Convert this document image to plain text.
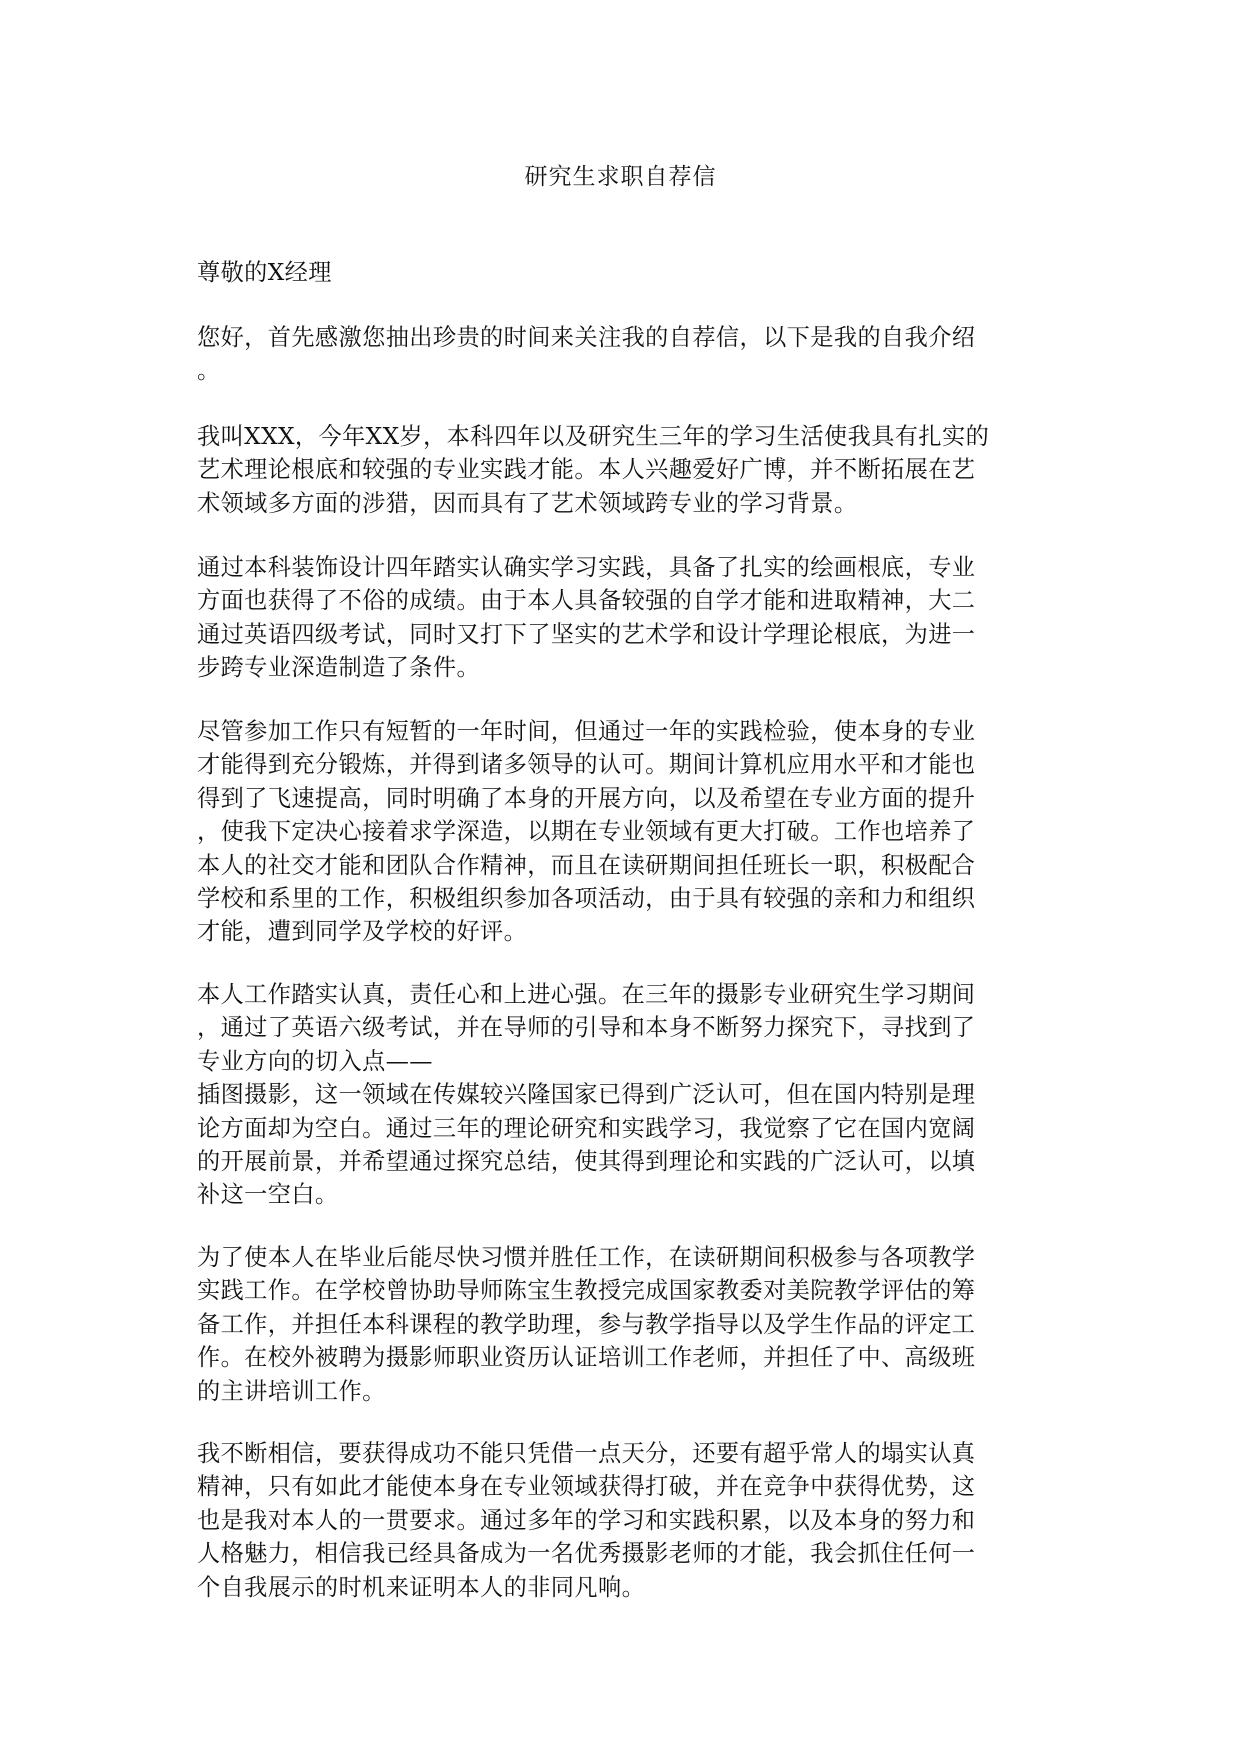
研究生求职自荐信

尊敬的X经理

您好，首先感激您抽出珍贵的时间来关注我的自荐信，以下是我的自我介绍
。

我叫XXX，今年XX岁，本科四年以及研究生三年的学习生活使我具有扎实的
艺术理论根底和较强的专业实践才能。本人兴趣爱好广博，并不断拓展在艺
术领域多方面的涉猎，因而具有了艺术领域跨专业的学习背景。

通过本科装饰设计四年踏实认确实学习实践，具备了扎实的绘画根底，专业
方面也获得了不俗的成绩。由于本人具备较强的自学才能和进取精神，大二
通过英语四级考试，同时又打下了坚实的艺术学和设计学理论根底，为进一
步跨专业深造制造了条件。

尽管参加工作只有短暂的一年时间，但通过一年的实践检验，使本身的专业
才能得到充分锻炼，并得到诸多领导的认可。期间计算机应用水平和才能也
得到了飞速提高，同时明确了本身的开展方向，以及希望在专业方面的提升
，使我下定决心接着求学深造，以期在专业领域有更大打破。工作也培养了
本人的社交才能和团队合作精神，而且在读研期间担任班长一职，积极配合
学校和系里的工作，积极组织参加各项活动，由于具有较强的亲和力和组织
才能，遭到同学及学校的好评。

本人工作踏实认真，责任心和上进心强。在三年的摄影专业研究生学习期间
，通过了英语六级考试，并在导师的引导和本身不断努力探究下，寻找到了
专业方向的切入点——
插图摄影，这一领域在传媒较兴隆国家已得到广泛认可，但在国内特别是理
论方面却为空白。通过三年的理论研究和实践学习，我觉察了它在国内宽阔
的开展前景，并希望通过探究总结，使其得到理论和实践的广泛认可，以填
补这一空白。

为了使本人在毕业后能尽快习惯并胜任工作，在读研期间积极参与各项教学
实践工作。在学校曾协助导师陈宝生教授完成国家教委对美院教学评估的筹
备工作，并担任本科课程的教学助理，参与教学指导以及学生作品的评定工
作。在校外被聘为摄影师职业资历认证培训工作老师，并担任了中、高级班
的主讲培训工作。

我不断相信，要获得成功不能只凭借一点天分，还要有超乎常人的塌实认真
精神，只有如此才能使本身在专业领域获得打破，并在竞争中获得优势，这
也是我对本人的一贯要求。通过多年的学习和实践积累，以及本身的努力和
人格魅力，相信我已经具备成为一名优秀摄影老师的才能，我会抓住任何一
个自我展示的时机来证明本人的非同凡响。
